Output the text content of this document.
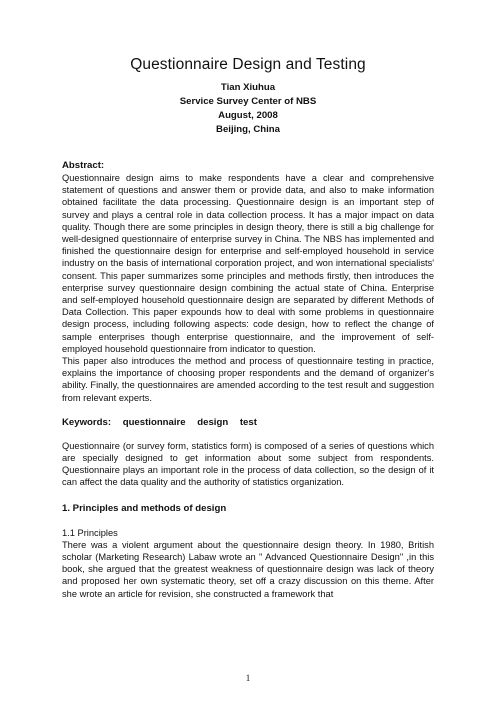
Questionnaire Design and Testing
Tian Xiuhua
Service Survey Center of NBS
August, 2008
Beijing, China
Abstract:

Questionnaire design aims to make respondents have a clear and comprehensive statement of questions and answer them or provide data, and also to make information obtained facilitate the data processing. Questionnaire design is an important step of survey and plays a central role in data collection process. It has a major impact on data quality. Though there are some principles in design theory, there is still a big challenge for well-designed questionnaire of enterprise survey in China. The NBS has implemented and finished the questionnaire design for enterprise and self-employed household in service industry on the basis of international corporation project, and won international specialists' consent. This paper summarizes some principles and methods firstly, then introduces the enterprise survey questionnaire design combining the actual state of China. Enterprise and self-employed household questionnaire design are separated by different Methods of Data Collection. This paper expounds how to deal with some problems in questionnaire design process, including following aspects: code design, how to reflect the change of sample enterprises though enterprise questionnaire, and the improvement of self-employed household questionnaire from indicator to question.

This paper also introduces the method and process of questionnaire testing in practice, explains the importance of choosing proper respondents and the demand of organizer's ability. Finally, the questionnaires are amended according to the test result and suggestion from relevant experts.

Keywords: questionnaire design test

Questionnaire (or survey form, statistics form) is composed of a series of questions which are specially designed to get information about some subject from respondents. Questionnaire plays an important role in the process of data collection, so the design of it can affect the data quality and the authority of statistics organization.

1. Principles and methods of design
1.1 Principles

There was a violent argument about the questionnaire design theory. In 1980, British scholar (Marketing Research) Labaw wrote an " Advanced Questionnaire Design" ,in this book, she argued that the greatest weakness of questionnaire design was lack of theory and proposed her own systematic theory, set off a crazy discussion on this theme. After she wrote an article for revision, she constructed a framework that

1
